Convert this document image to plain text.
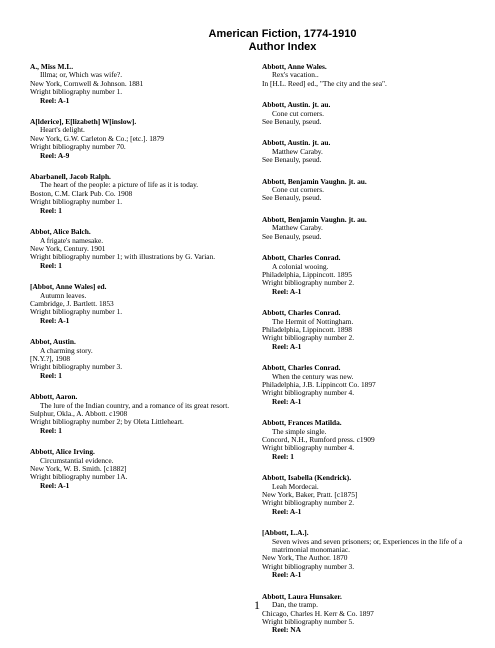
American Fiction, 1774-1910
Author Index
A., Miss M.L.
Illma; or, Which was wife?.
New York, Cornwell & Johnson. 1881
Wright bibliography number 1.
Reel: A-1
A[lderice], E[lizabeth] W[inslow].
Heart's delight.
New York, G.W. Carleton & Co.; [etc.]. 1879
Wright bibliography number 70.
Reel: A-9
Abarbanell, Jacob Ralph.
The heart of the people: a picture of life as it is today.
Boston, C.M. Clark Pub. Co. 1908
Wright bibliography number 1.
Reel: 1
Abbot, Alice Balch.
A frigate's namesake.
New York, Century. 1901
Wright bibliography number 1; with illustrations by G. Varian.
Reel: 1
[Abbot, Anne Wales] ed.
Autumn leaves.
Cambridge, J. Bartlett. 1853
Wright bibliography number 1.
Reel: A-1
Abbot, Austin.
A charming story.
[N.Y.?], 1908
Wright bibliography number 3.
Reel: 1
Abbott, Aaron.
The lure of the Indian country, and a romance of its great resort.
Sulphur, Okla., A. Abbott. c1908
Wright bibliography number 2; by Oleta Littleheart.
Reel: 1
Abbott, Alice Irving.
Circumstantial evidence.
New York, W. B. Smith. [c1882]
Wright bibliography number 1A.
Reel: A-1
Abbott, Anne Wales.
Rex's vacation..
In [H.L. Reed] ed., "The city and the sea".
Abbott, Austin. jt. au.
Cone cut corners.
See Benauly, pseud.
Abbott, Austin. jt. au.
Matthew Caraby.
See Benauly, pseud.
Abbott, Benjamin Vaughn. jt. au.
Cone cut corners.
See Benauly, pseud.
Abbott, Benjamin Vaughn. jt. au.
Matthew Caraby.
See Benauly, pseud.
Abbott, Charles Conrad.
A colonial wooing.
Philadelphia, Lippincott. 1895
Wright bibliography number 2.
Reel: A-1
Abbott, Charles Conrad.
The Hermit of Nottingham.
Philadelphia, Lippincott. 1898
Wright bibliography number 2.
Reel: A-1
Abbott, Charles Conrad.
When the century was new.
Philadelphia, J.B. Lippincott Co. 1897
Wright bibliography number 4.
Reel: A-1
Abbott, Frances Matilda.
The simple single.
Concord, N.H., Rumford press. c1909
Wright bibliography number 4.
Reel: 1
Abbott, Isabella (Kendrick).
Leah Mordecai.
New York, Baker, Pratt. [c1875]
Wright bibliography number 2.
Reel: A-1
[Abbott, L.A.].
Seven wives and seven prisoners; or, Experiences in the life of a matrimonial monomaniac.
New York, The Author. 1870
Wright bibliography number 3.
Reel: A-1
Abbott, Laura Hunsaker.
Dan, the tramp.
Chicago, Charles H. Kerr & Co. 1897
Wright bibliography number 5.
Reel: NA
1
